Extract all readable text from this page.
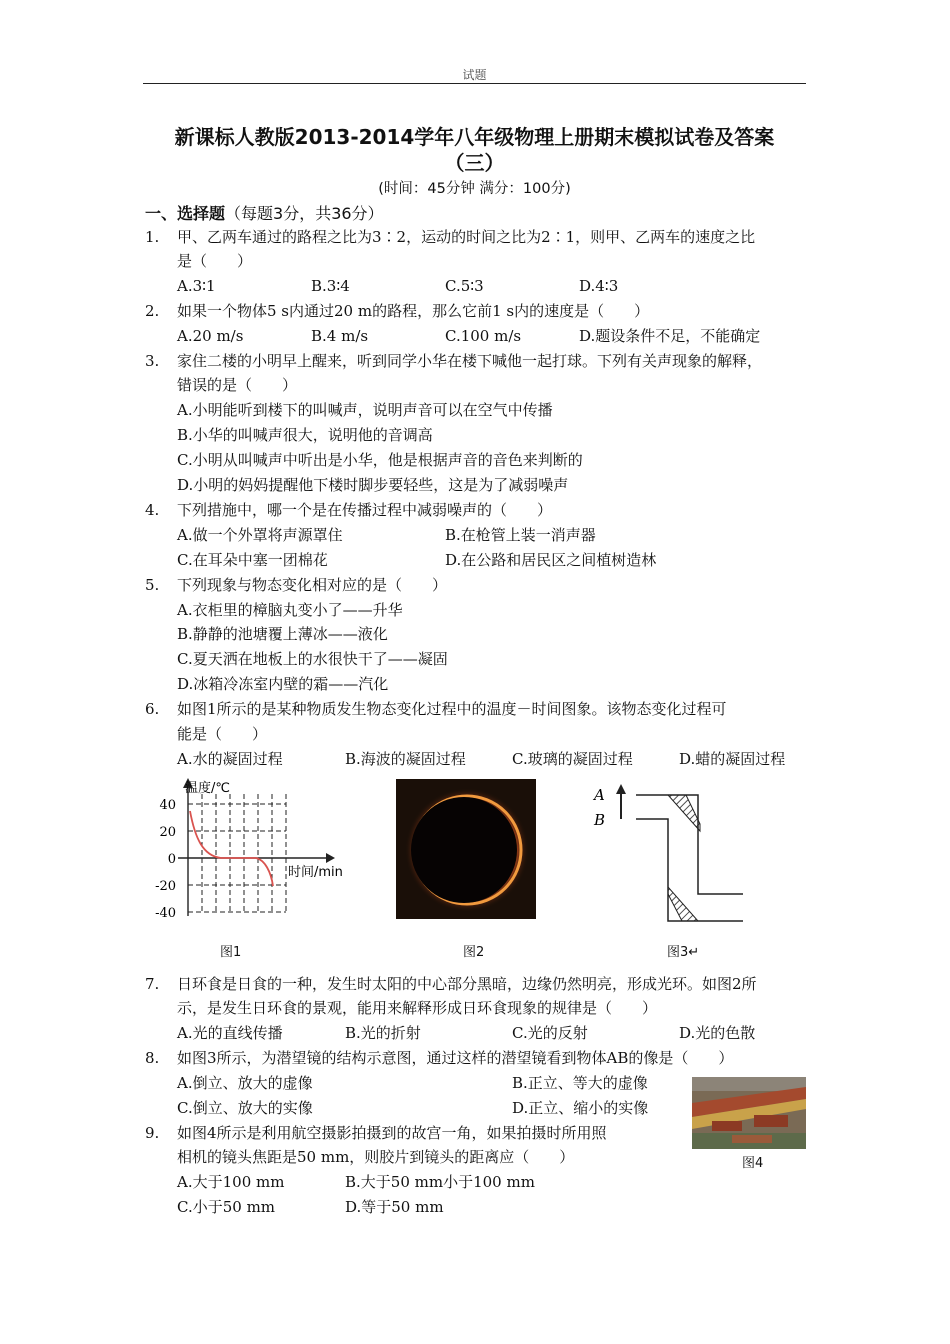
试题
新课标人教版2013-2014学年八年级物理上册期末模拟试卷及答案
（三）
(时间：45分钟 满分：100分)
一、选择题（每题3分，共36分）
1. 甲、乙两车通过的路程之比为3∶2，运动的时间之比为2∶1，则甲、乙两车的速度之比
是（　　）
A.3∶1	B.3∶4	C.5∶3	D.4∶3
2. 如果一个物体5 s内通过20 m的路程，那么它前1 s内的速度是（　　）
A.20 m/s	B.4 m/s	C.100 m/s	D.题设条件不足，不能确定
3. 家住二楼的小明早上醒来，听到同学小华在楼下喊他一起打球。下列有关声现象的解释，
错误的是（　　）
A.小明能听到楼下的叫喊声，说明声音可以在空气中传播
B.小华的叫喊声很大，说明他的音调高
C.小明从叫喊声中听出是小华，他是根据声音的音色来判断的
D.小明的妈妈提醒他下楼时脚步要轻些，这是为了减弱噪声
4. 下列措施中，哪一个是在传播过程中减弱噪声的（　　）
A.做一个外罩将声源罩住	B.在枪管上装一消声器
C.在耳朵中塞一团棉花	D.在公路和居民区之间植树造林
5. 下列现象与物态变化相对应的是（　　）
A.衣柜里的樟脑丸变小了——升华
B.静静的池塘覆上薄冰——液化
C.夏天洒在地板上的水很快干了——凝固
D.冰箱冷冻室内壁的霜——汽化
6. 如图1所示的是某种物质发生物态变化过程中的温度－时间图象。该物态变化过程可
能是（　　）
A.水的凝固过程	B.海波的凝固过程	C.玻璃的凝固过程	D.蜡的凝固过程
温度/℃
时间/min
40
20
0
-20
-40
图1	图2
A
B
图3↵
7. 日环食是日食的一种，发生时太阳的中心部分黑暗，边缘仍然明亮，形成光环。如图2所
示，是发生日环食的景观，能用来解释形成日环食现象的规律是（　　）
A.光的直线传播	B.光的折射	C.光的反射	D.光的色散
8. 如图3所示，为潜望镜的结构示意图，通过这样的潜望镜看到物体AB的像是（　　）
A.倒立、放大的虚像	B.正立、等大的虚像
C.倒立、放大的实像	D.正立、缩小的实像
9. 如图4所示是利用航空摄影拍摄到的故宫一角，如果拍摄时所用照
相机的镜头焦距是50 mm，则胶片到镜头的距离应（　　）
A.大于100 mm	B.大于50 mm小于100 mm
C.小于50 mm	D.等于50 mm
图4
